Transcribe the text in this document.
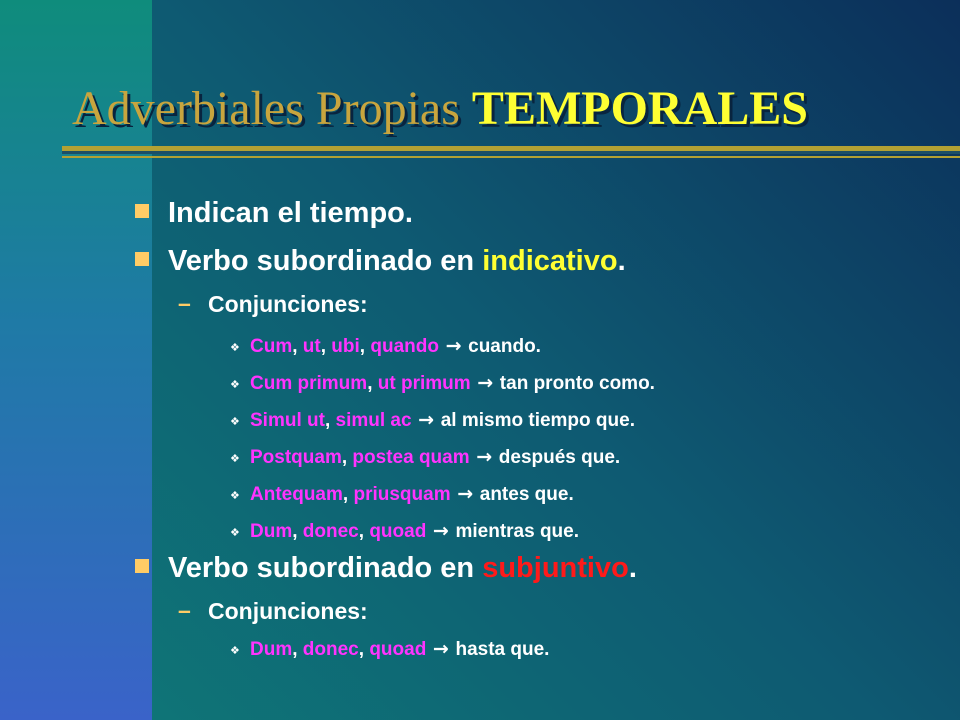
Adverbiales Propias TEMPORALES
Indican el tiempo.
Verbo subordinado en indicativo.
– Conjunciones:
❖ Cum, ut, ubi, quando → cuando.
❖ Cum primum, ut primum → tan pronto como.
❖ Simul ut, simul ac → al mismo tiempo que.
❖ Postquam, postea quam → después que.
❖ Antequam, priusquam → antes que.
❖ Dum, donec, quoad → mientras que.
Verbo subordinado en subjuntivo.
– Conjunciones:
❖ Dum, donec, quoad → hasta que.
